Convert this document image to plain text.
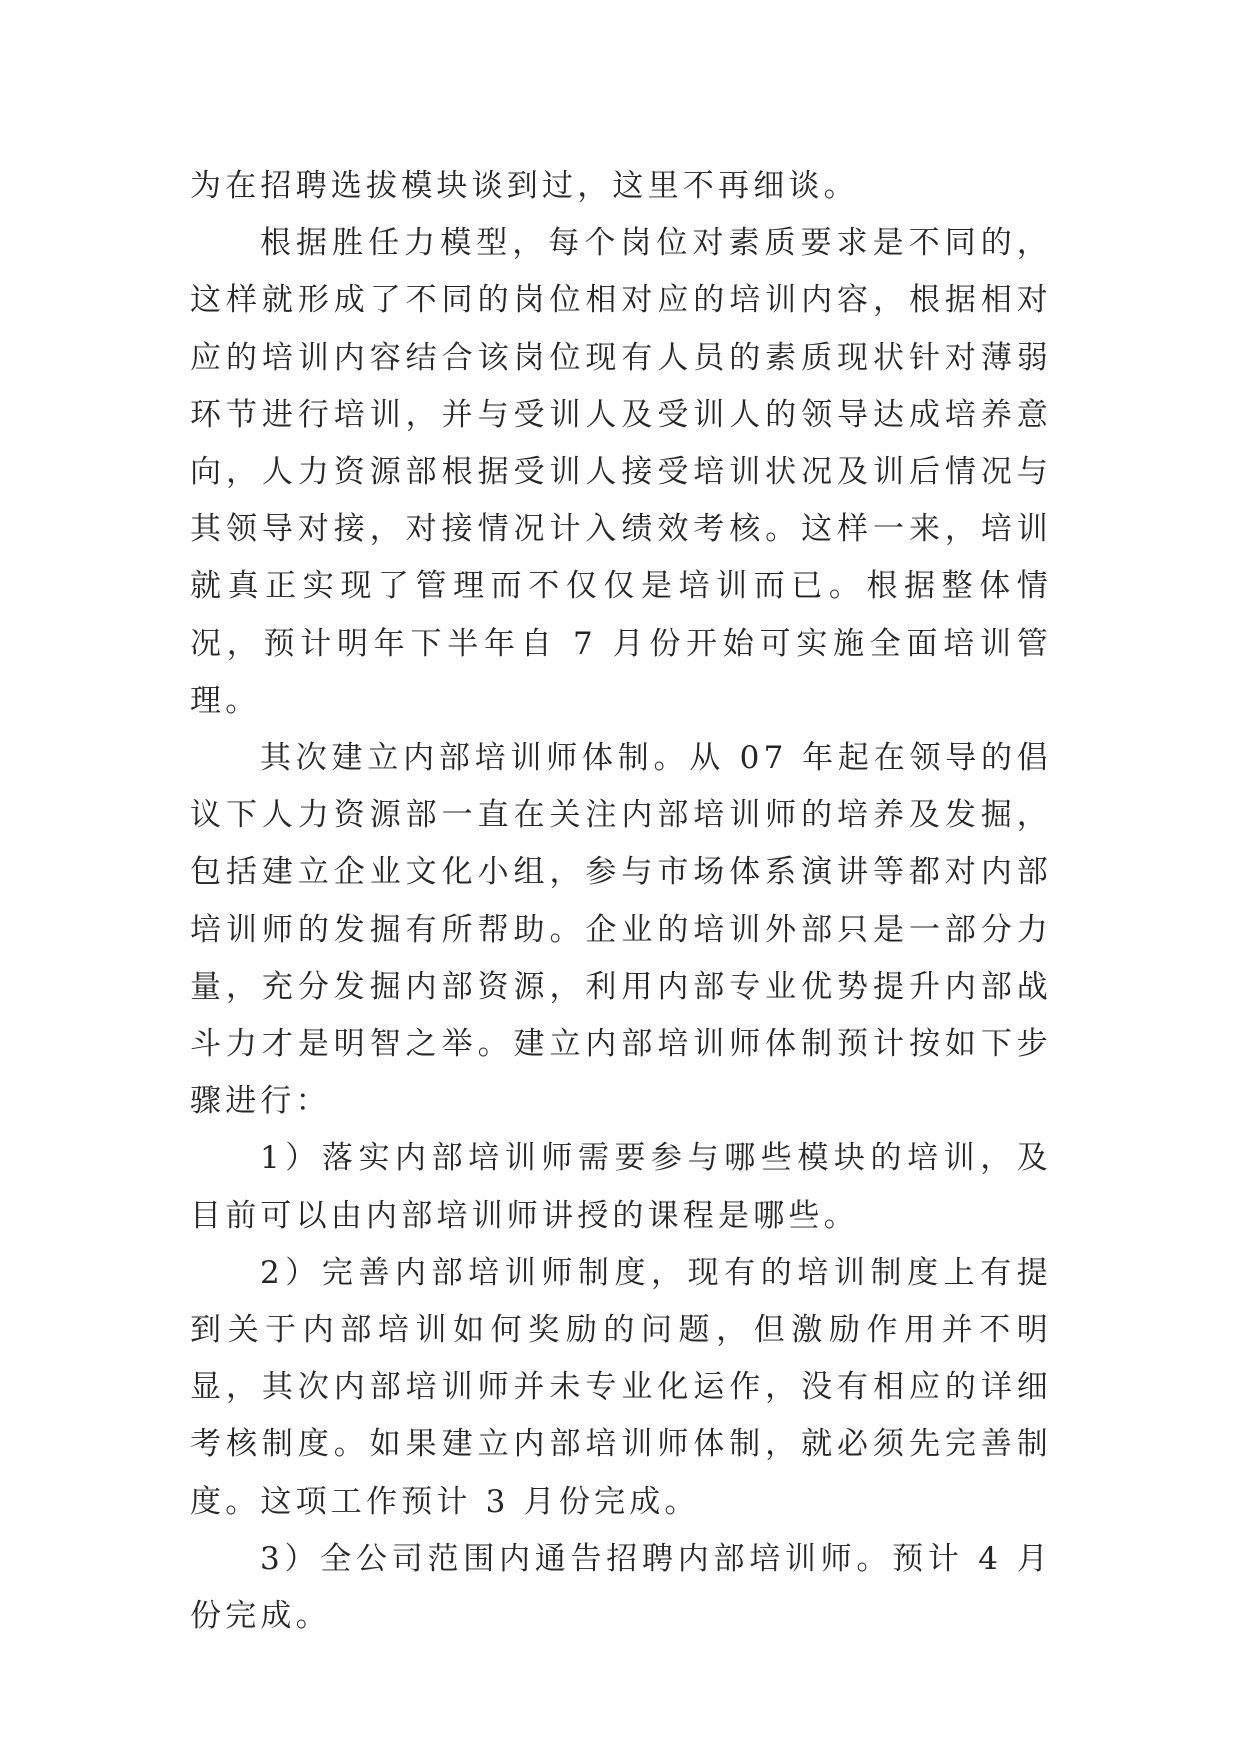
为在招聘选拔模块谈到过，这里不再细谈。

根据胜任力模型，每个岗位对素质要求是不同的，这样就形成了不同的岗位相对应的培训内容，根据相对应的培训内容结合该岗位现有人员的素质现状针对薄弱环节进行培训，并与受训人及受训人的领导达成培养意向，人力资源部根据受训人接受培训状况及训后情况与其领导对接，对接情况计入绩效考核。这样一来，培训就真正实现了管理而不仅仅是培训而已。根据整体情况，预计明年下半年自 7 月份开始可实施全面培训管理。

其次建立内部培训师体制。从 07 年起在领导的倡议下人力资源部一直在关注内部培训师的培养及发掘，包括建立企业文化小组，参与市场体系演讲等都对内部培训师的发掘有所帮助。企业的培训外部只是一部分力量，充分发掘内部资源，利用内部专业优势提升内部战斗力才是明智之举。建立内部培训师体制预计按如下步骤进行：

1）落实内部培训师需要参与哪些模块的培训，及目前可以由内部培训师讲授的课程是哪些。

2）完善内部培训师制度，现有的培训制度上有提到关于内部培训如何奖励的问题，但激励作用并不明显，其次内部培训师并未专业化运作，没有相应的详细考核制度。如果建立内部培训师体制，就必须先完善制度。这项工作预计 3 月份完成。

3）全公司范围内通告招聘内部培训师。预计 4 月份完成。
